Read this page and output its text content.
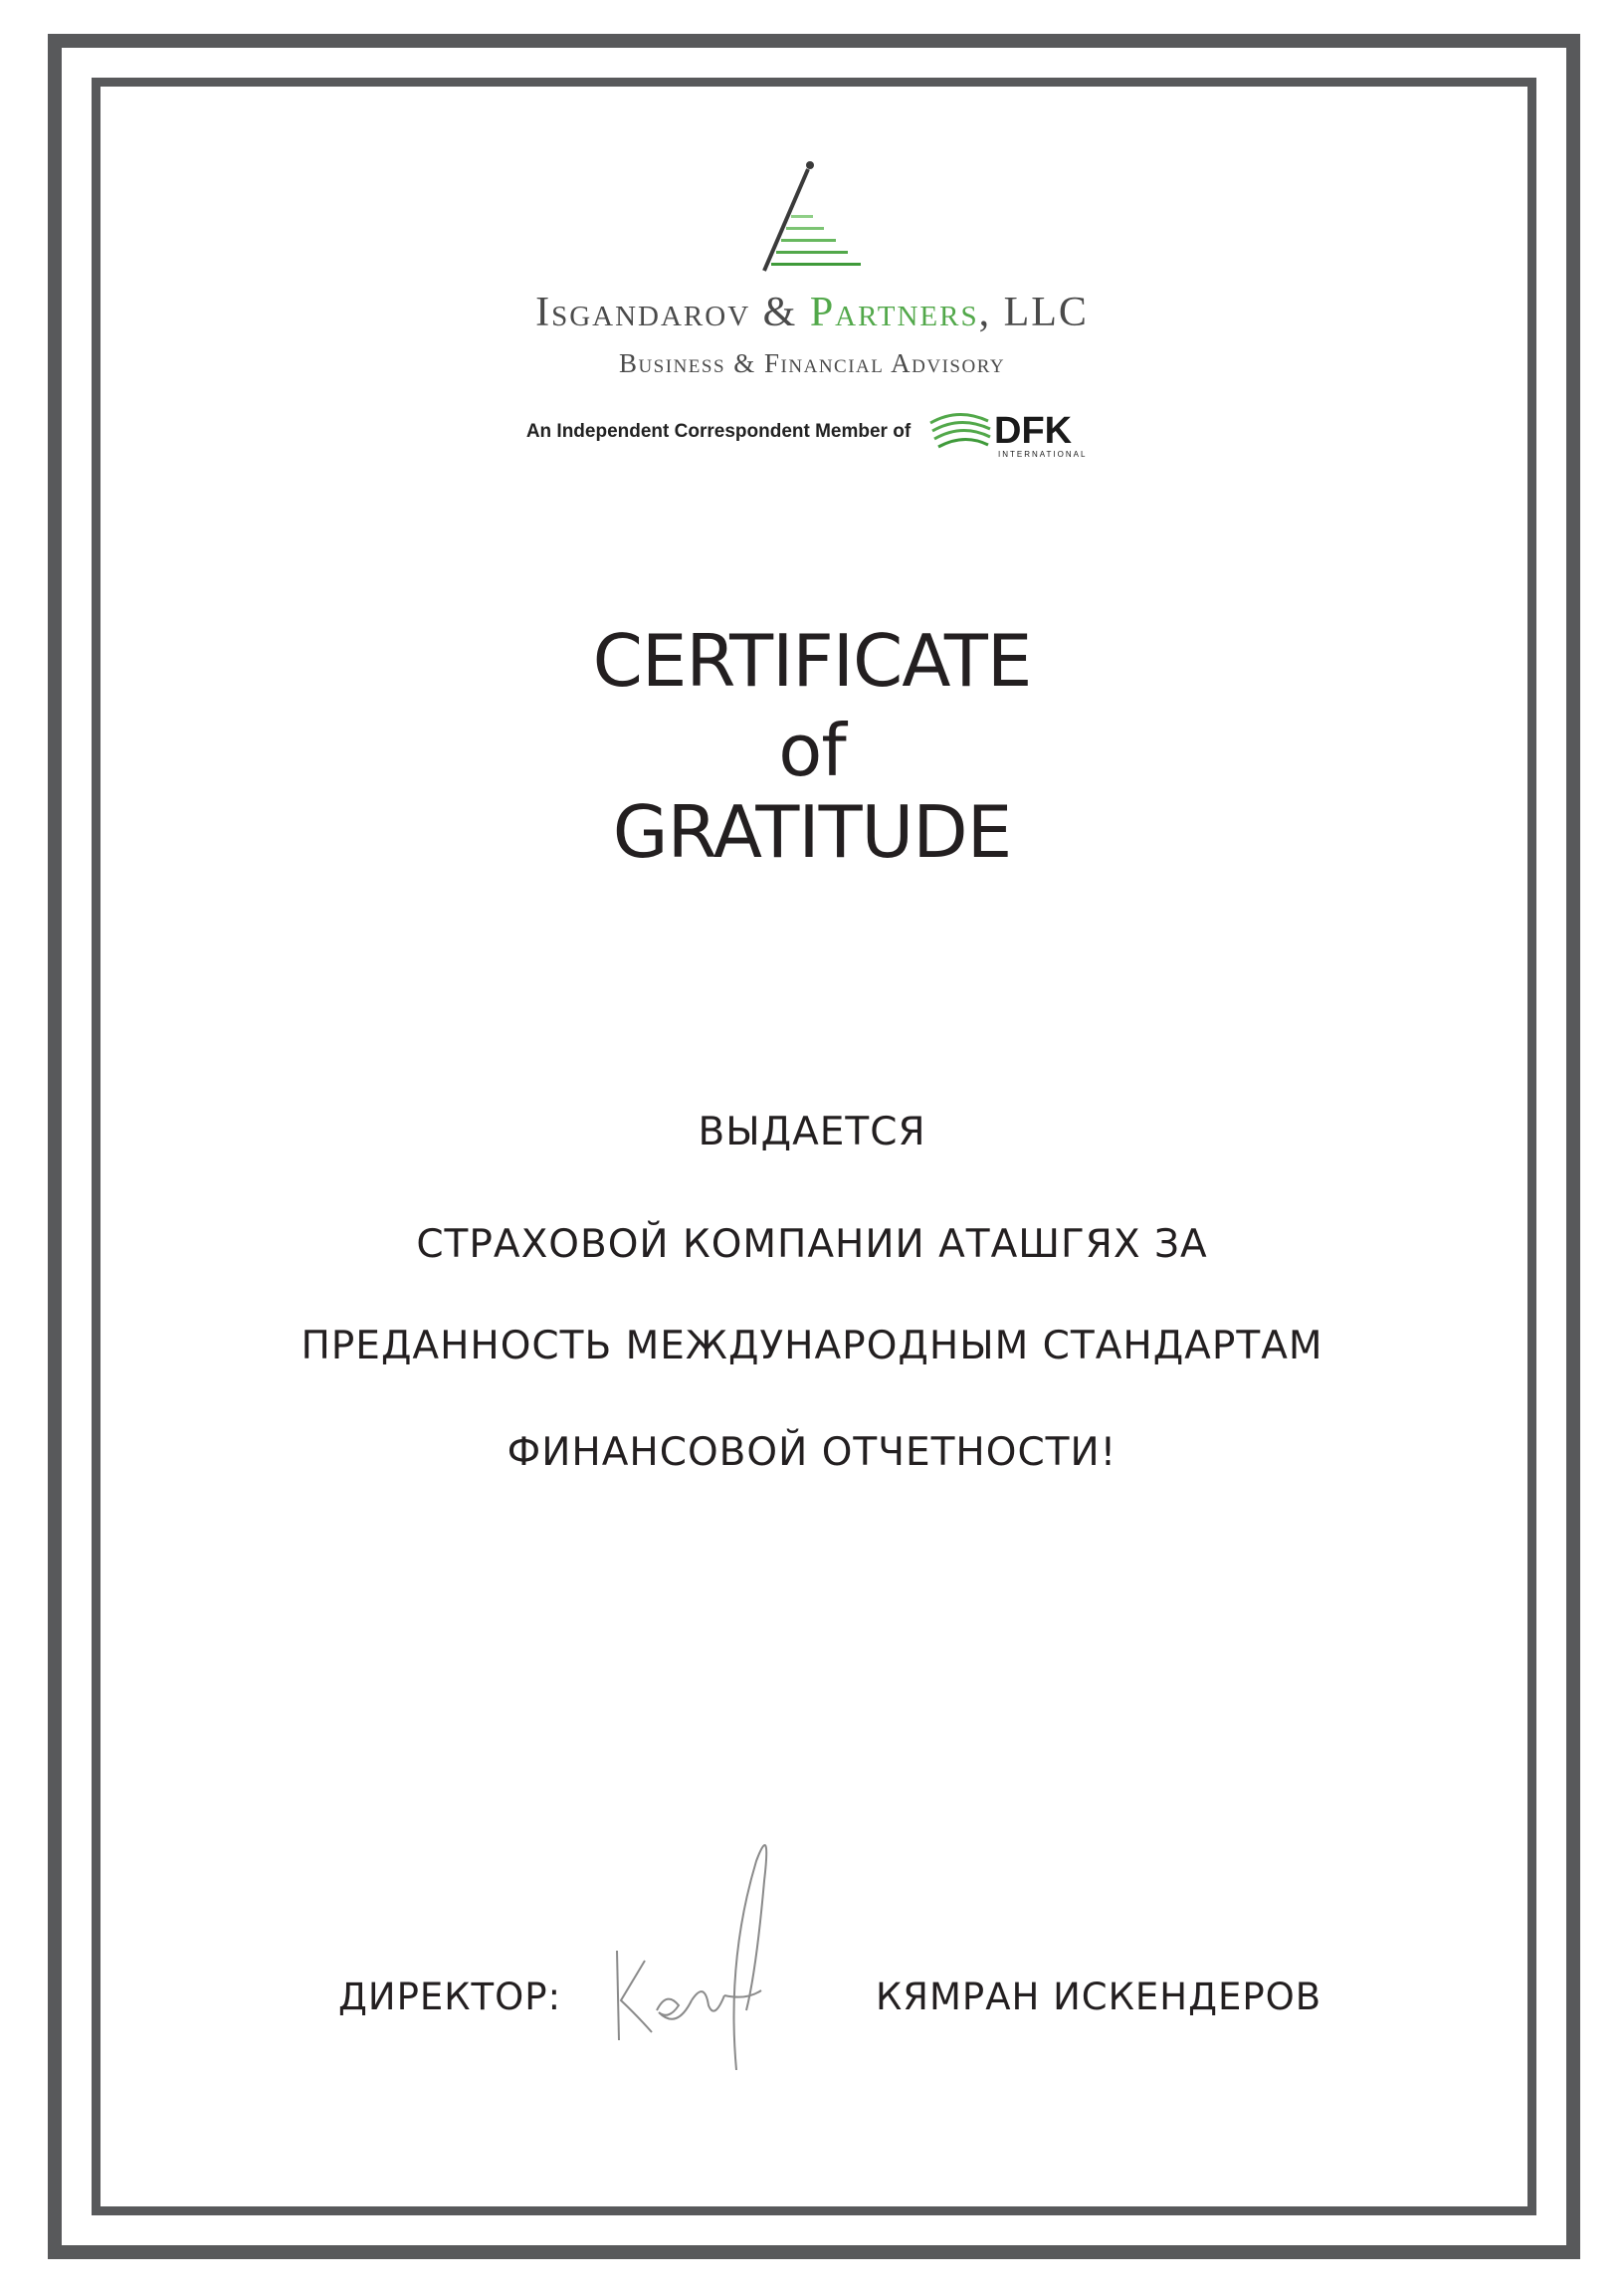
Isgandarov & Partners, LLC
Business & Financial Advisory
An Independent Correspondent Member of DFK
INTERNATIONAL
CERTIFICATE
of
GRATITUDE
ВЫДАЕТСЯ
СТРАХОВОЙ КОМПАНИИ АТАШГЯХ ЗА
ПРЕДАННОСТЬ МЕЖДУНАРОДНЫМ СТАНДАРТАМ
ФИНАНСОВОЙ ОТЧЕТНОСТИ!
ДИРЕКТОР:	КЯМРАН ИСКЕНДЕРОВ
